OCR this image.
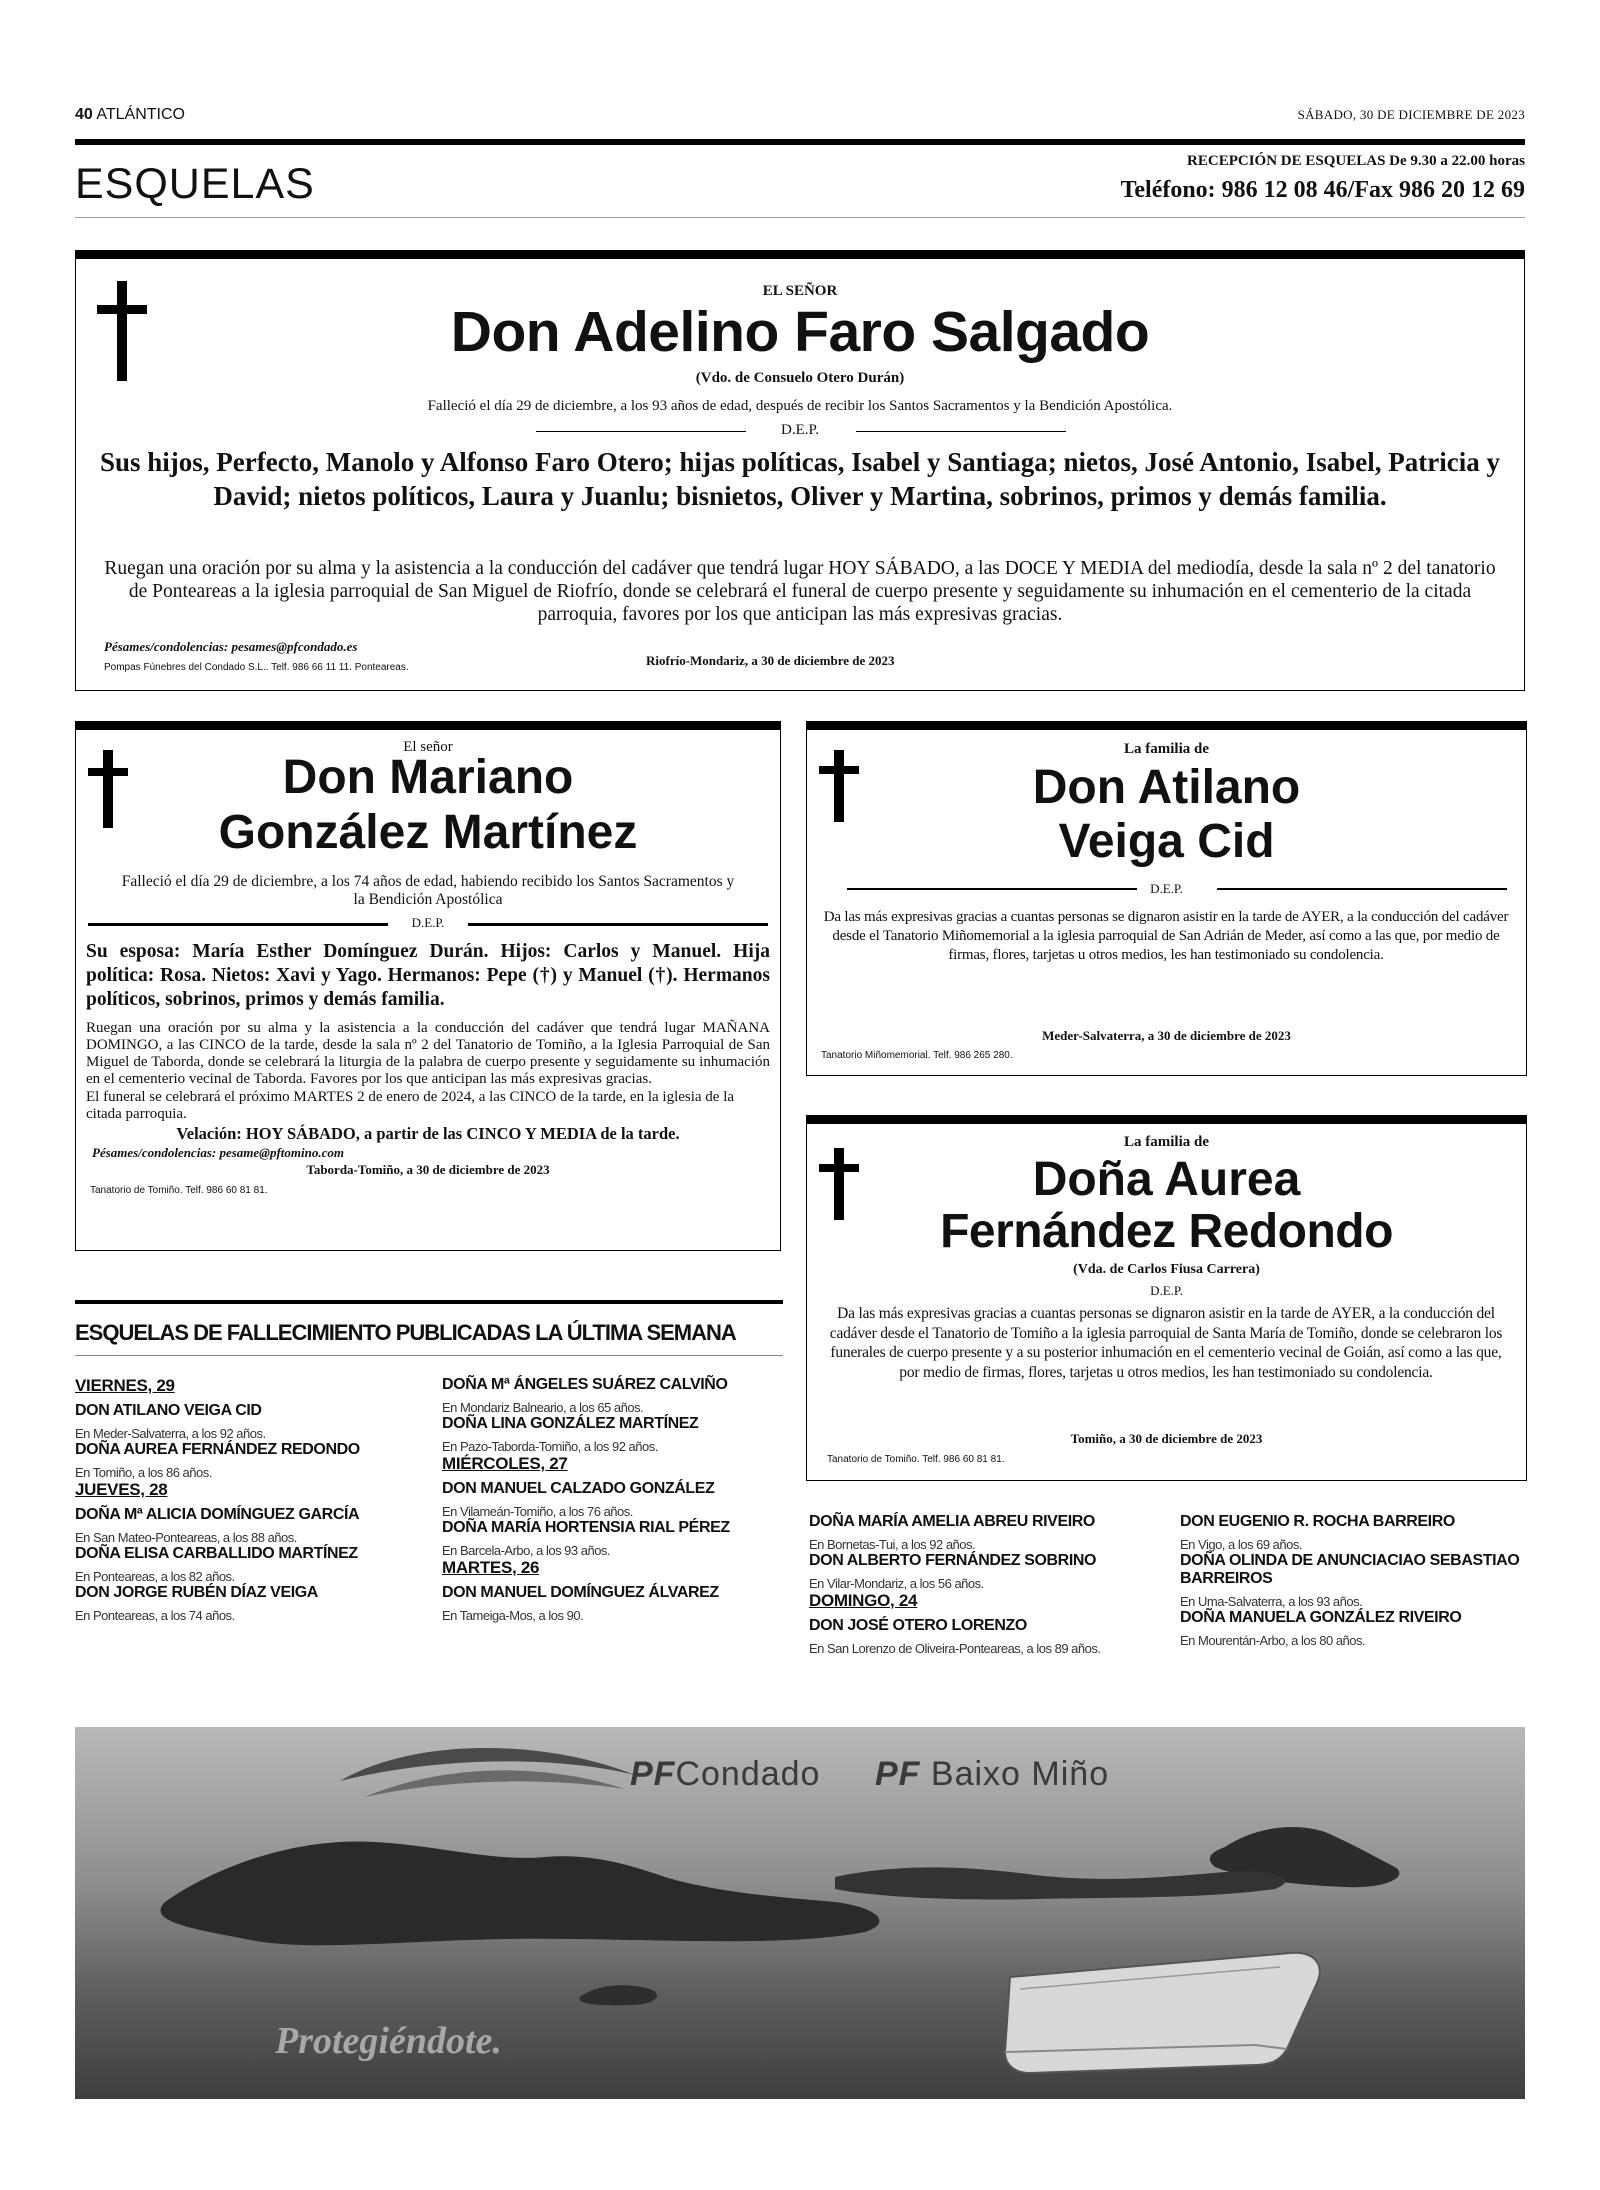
40 ATLÁNTICO	SÁBADO, 30 DE DICIEMBRE DE 2023
ESQUELAS	RECEPCIÓN DE ESQUELAS De 9.30 a 22.00 horas
Teléfono: 986 12 08 46/Fax 986 20 12 69
EL SEÑOR
Don Adelino Faro Salgado
(Vdo. de Consuelo Otero Durán)
Falleció el día 29 de diciembre, a los 93 años de edad, después de recibir los Santos Sacramentos y la Bendición Apostólica.
D.E.P.
Sus hijos, Perfecto, Manolo y Alfonso Faro Otero; hijas políticas, Isabel y Santiaga; nietos, José Antonio, Isabel, Patricia y David; nietos políticos, Laura y Juanlu; bisnietos, Oliver y Martina, sobrinos, primos y demás familia.
Ruegan una oración por su alma y la asistencia a la conducción del cadáver que tendrá lugar HOY SÁBADO, a las DOCE Y MEDIA del mediodía, desde la sala nº 2 del tanatorio de Ponteareas a la iglesia parroquial de San Miguel de Riofrío, donde se celebrará el funeral de cuerpo presente y seguidamente su inhumación en el cementerio de la citada parroquia, favores por los que anticipan las más expresivas gracias.
Pésames/condolencias: pesames@pfcondado.es
Pompas Fúnebres del Condado S.L.. Telf. 986 66 11 11. Ponteareas.	Riofrío-Mondariz, a 30 de diciembre de 2023
El señor
Don Mariano
González Martínez
Falleció el día 29 de diciembre, a los 74 años de edad, habiendo recibido los Santos Sacramentos y la Bendición Apostólica
D.E.P.
Su esposa: María Esther Domínguez Durán. Hijos: Carlos y Manuel. Hija política: Rosa. Nietos: Xavi y Yago. Hermanos: Pepe (†) y Manuel (†). Hermanos políticos, sobrinos, primos y demás familia.
Ruegan una oración por su alma y la asistencia a la conducción del cadáver que tendrá lugar MAÑANA DOMINGO, a las CINCO de la tarde, desde la sala nº 2 del Tanatorio de Tomiño, a la Iglesia Parroquial de San Miguel de Taborda, donde se celebrará la liturgia de la palabra de cuerpo presente y seguidamente su inhumación en el cementerio vecinal de Taborda. Favores por los que anticipan las más expresivas gracias.
El funeral se celebrará el próximo MARTES 2 de enero de 2024, a las CINCO de la tarde, en la iglesia de la citada parroquia.
Velación: HOY SÁBADO, a partir de las CINCO Y MEDIA de la tarde.
Pésames/condolencias: pesame@pftomino.com
Taborda-Tomiño, a 30 de diciembre de 2023
Tanatorio de Tomiño. Telf. 986 60 81 81.
La familia de
Don Atilano
Veiga Cid
D.E.P.
Da las más expresivas gracias a cuantas personas se dignaron asistir en la tarde de AYER, a la conducción del cadáver desde el Tanatorio Miñomemorial a la iglesia parroquial de San Adrián de Meder, así como a las que, por medio de firmas, flores, tarjetas u otros medios, les han testimoniado su condolencia.
Meder-Salvaterra, a 30 de diciembre de 2023
Tanatorio Miñomemorial. Telf. 986 265 280.
La familia de
Doña Aurea
Fernández Redondo
(Vda. de Carlos Fiusa Carrera)
D.E.P.
Da las más expresivas gracias a cuantas personas se dignaron asistir en la tarde de AYER, a la conducción del cadáver desde el Tanatorio de Tomiño a la iglesia parroquial de Santa María de Tomiño, donde se celebraron los funerales de cuerpo presente y a su posterior inhumación en el cementerio vecinal de Goián, así como a las que, por medio de firmas, flores, tarjetas u otros medios, les han testimoniado su condolencia.
Tomiño, a 30 de diciembre de 2023
Tanatorio de Tomiño. Telf. 986 60 81 81.
ESQUELAS DE FALLECIMIENTO PUBLICADAS LA ÚLTIMA SEMANA

VIERNES, 29

DON ATILANO VEIGA CID

En Meder-Salvaterra, a los 92 años.

DOÑA AUREA FERNÁNDEZ REDONDO

En Tomiño, a los 86 años.

JUEVES, 28

DOÑA Mª ALICIA DOMÍNGUEZ GARCÍA

En San Mateo-Ponteareas, a los 88 años.

DOÑA ELISA CARBALLIDO MARTÍNEZ

En Ponteareas, a los 82 años.

DON JORGE RUBÉN DÍAZ VEIGA

En Ponteareas, a los 74 años.

DOÑA Mª ÁNGELES SUÁREZ CALVIÑO

En Mondariz Balneario, a los 65 años.

DOÑA LINA GONZÁLEZ MARTÍNEZ

En Pazo-Taborda-Tomiño, a los 92 años.

MIÉRCOLES, 27

DON MANUEL CALZADO GONZÁLEZ

En Vilameán-Tomiño, a los 76 años.

DOÑA MARÍA HORTENSIA RIAL PÉREZ

En Barcela-Arbo, a los 93 años.

MARTES, 26

DON MANUEL DOMÍNGUEZ ÁLVAREZ

En Tameiga-Mos, a los 90.

DOÑA MARÍA AMELIA ABREU RIVEIRO

En Bornetas-Tui, a los 92 años.

DON ALBERTO FERNÁNDEZ SOBRINO

En Vilar-Mondariz, a los 56 años.

DOMINGO, 24

DON JOSÉ OTERO LORENZO

En San Lorenzo de Oliveira-Ponteareas, a los 89 años.

DON EUGENIO R. ROCHA BARREIRO

En Vigo, a los 69 años.

DOÑA OLINDA DE ANUNCIACIAO SEBASTIAO BARREIROS

En Uma-Salvaterra, a los 93 años.

DOÑA MANUELA GONZÁLEZ RIVEIRO

En Mourentán-Arbo, a los 80 años.

PFCondado PF Baixo Miño
Protegiéndote.
